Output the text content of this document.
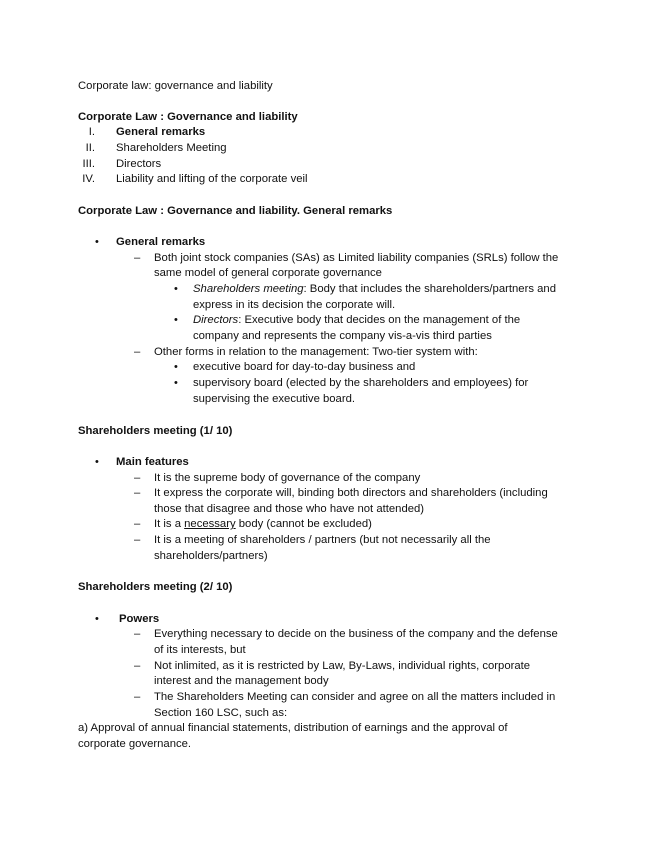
Corporate law: governance and liability
Corporate Law : Governance and liability
I. General remarks
II. Shareholders Meeting
III. Directors
IV. Liability and lifting of the corporate veil
Corporate Law : Governance and liability. General remarks
• General remarks
– Both joint stock companies (SAs) as Limited liability companies (SRLs) follow the
same model of general corporate governance
• Shareholders meeting: Body that includes the shareholders/partners and
express in its decision the corporate will.
• Directors: Executive body that decides on the management of the
company and represents the company vis-a-vis third parties
– Other forms in relation to the management: Two-tier system with:
• executive board for day-to-day business and
• supervisory board (elected by the shareholders and employees) for
supervising the executive board.
Shareholders meeting (1/ 10)
• Main features
– It is the supreme body of governance of the company
– It express the corporate will, binding both directors and shareholders (including
those that disagree and those who have not attended)
– It is a necessary body (cannot be excluded)
– It is a meeting of shareholders / partners (but not necessarily all the
shareholders/partners)
Shareholders meeting (2/ 10)
• Powers
– Everything necessary to decide on the business of the company and the defense
of its interests, but
– Not inlimited, as it is restricted by Law, By-Laws, individual rights, corporate
interest and the management body
– The Shareholders Meeting can consider and agree on all the matters included in
Section 160 LSC, such as:
a) Approval of annual financial statements, distribution of earnings and the approval of
corporate governance.
